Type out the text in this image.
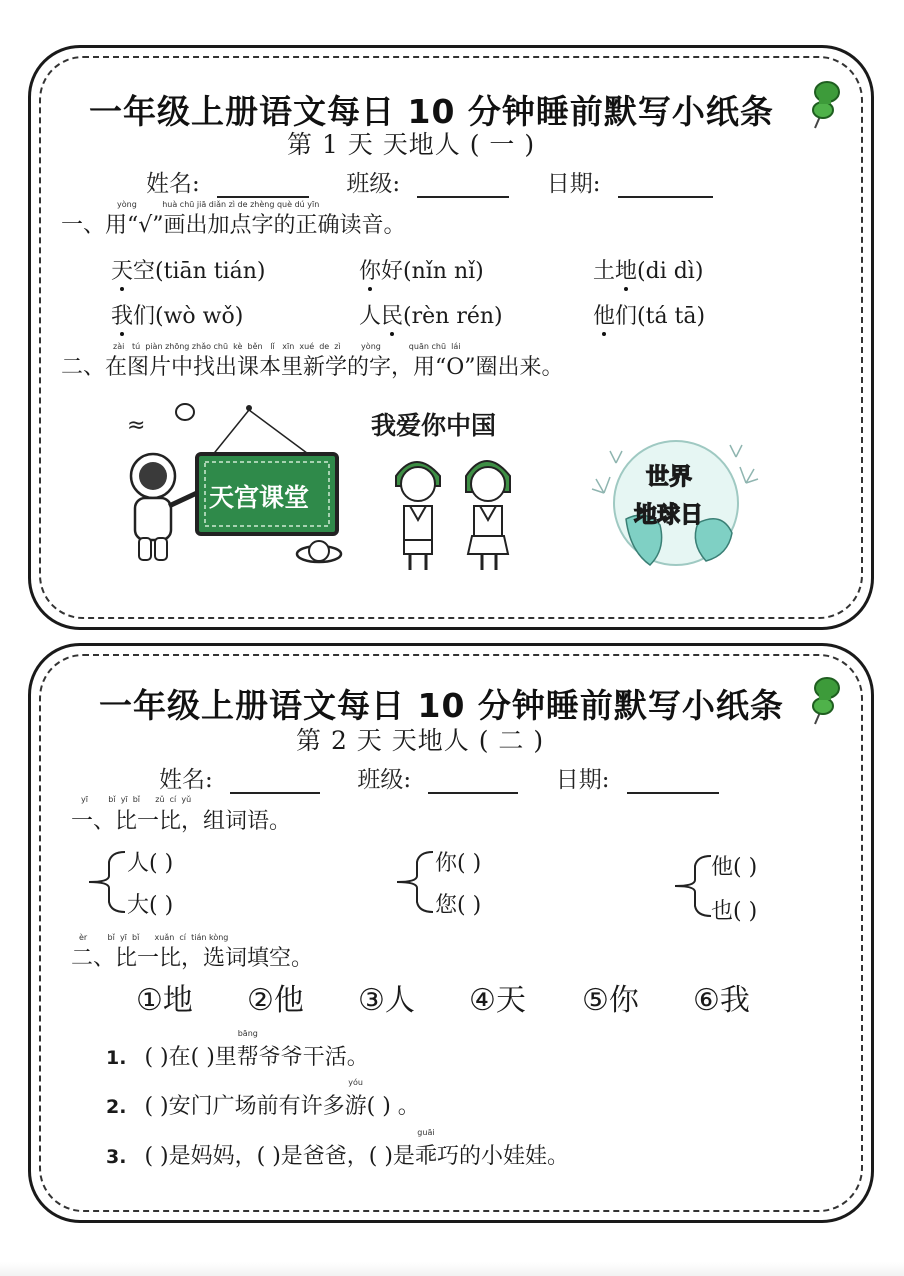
一年级上册语文每日 10 分钟睡前默写小纸条
第 1 天 天地人 ( 一 )
姓名:	班级:	日期:
yòng          huà chū jiā diǎn zì de zhèng què dú yīn
一、用“√”画出加点字的正确读音。
天空(tiān tián)	你好(nǐn nǐ)	土地(di dì)
我们(wò wǒ)	人民(rèn rén)	他们(tá tā)
zài   tú  piàn zhōng zhǎo chū  kè  běn   lǐ   xīn  xué  de  zì        yòng           quān chū  lái
二、在图片中找出课本里新学的字，用“O”圈出来。
≈
天宫课堂
我爱你中国
世界
地球日
一年级上册语文每日 10 分钟睡前默写小纸条
第 2 天 天地人 ( 二 )
姓名:	班级:	日期:
yī        bǐ  yī  bǐ      zǔ  cí  yǔ
一、比一比，组词语。
人( )
大( )
你( )
您( )
他( )
也( )
èr        bǐ  yī  bǐ      xuǎn  cí  tián kòng
二、比一比，选词填空。
①地 ②他 ③人 ④天 ⑤你 ⑥我
1. ( )在( )里
bāng
帮爷爷干活。
2. ( )安门广场前有许多
yóu
游( ) 。
3. ( )是妈妈，( )是爸爸，( )是
guāi
乖巧的小娃娃。
